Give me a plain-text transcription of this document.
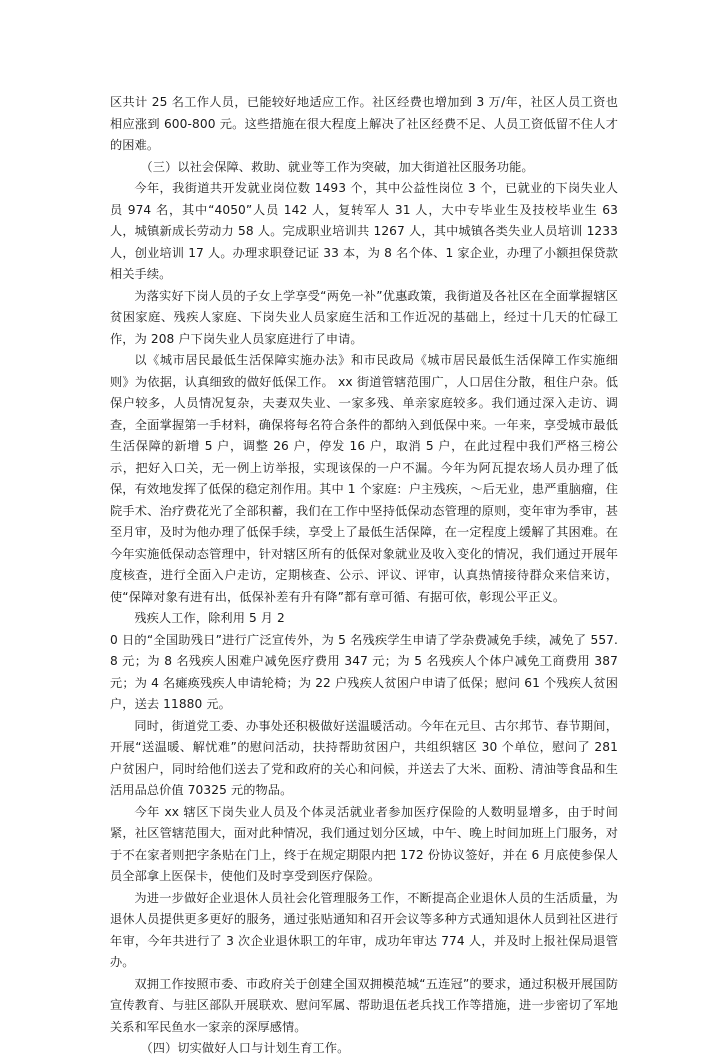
区共计 25 名工作人员，已能较好地适应工作。社区经费也增加到 3 万/年，社区人员工资也相应涨到 600-800 元。这些措施在很大程度上解决了社区经费不足、人员工资低留不住人才的困难。

（三）以社会保障、救助、就业等工作为突破，加大街道社区服务功能。

今年，我街道共开发就业岗位数 1493 个，其中公益性岗位 3 个，已就业的下岗失业人员 974 名，其中“4050”人员 142 人，复转军人 31 人，大中专毕业生及技校毕业生 63 人，城镇新成长劳动力 58 人。完成职业培训共 1267 人，其中城镇各类失业人员培训 1233 人，创业培训 17 人。办理求职登记证 33 本，为 8 名个体、1 家企业，办理了小额担保贷款相关手续。

为落实好下岗人员的子女上学享受“两免一补”优惠政策，我街道及各社区在全面掌握辖区贫困家庭、残疾人家庭、下岗失业人员家庭生活和工作近况的基础上，经过十几天的忙碌工作，为 208 户下岗失业人员家庭进行了申请。

以《城市居民最低生活保障实施办法》和市民政局《城市居民最低生活保障工作实施细则》为依据，认真细致的做好低保工作。 xx 街道管辖范围广，人口居住分散，租住户杂。低保户较多，人员情况复杂，夫妻双失业、一家多残、单亲家庭较多。我们通过深入走访、调查，全面掌握第一手材料，确保将每名符合条件的都纳入到低保中来。一年来，享受城市最低生活保障的新增 5 户，调整 26 户，停发 16 户，取消 5 户，在此过程中我们严格三榜公示，把好入口关，无一例上访举报，实现该保的一户不漏。今年为阿瓦提农场人员办理了低保，有效地发挥了低保的稳定剂作用。其中 1 个家庭：户主残疾，～后无业，患严重脑瘤，住院手术、治疗费花光了全部积蓄，我们在工作中坚持低保动态管理的原则，变年审为季审，甚至月审，及时为他办理了低保手续，享受上了最低生活保障，在一定程度上缓解了其困难。在今年实施低保动态管理中，针对辖区所有的低保对象就业及收入变化的情况，我们通过开展年度核查，进行全面入户走访，定期核查、公示、评议、评审，认真热情接待群众来信来访，使“保障对象有进有出，低保补差有升有降”都有章可循、有据可依，彰现公平正义。

残疾人工作，除利用 5 月 2

0 日的“全国助残日”进行广泛宣传外，为 5 名残疾学生申请了学杂费减免手续，减免了 557.8 元；为 8 名残疾人困难户减免医疗费用 347 元；为 5 名残疾人个体户减免工商费用 387 元；为 4 名瘫痪残疾人申请轮椅；为 22 户残疾人贫困户申请了低保；慰问 61 个残疾人贫困户，送去 11880 元。

同时，街道党工委、办事处还积极做好送温暖活动。今年在元旦、古尔邦节、春节期间，开展“送温暖、解忧难”的慰问活动，扶持帮助贫困户，共组织辖区 30 个单位，慰问了 281 户贫困户，同时给他们送去了党和政府的关心和问候，并送去了大米、面粉、清油等食品和生活用品总价值 70325 元的物品。

今年 xx 辖区下岗失业人员及个体灵活就业者参加医疗保险的人数明显增多，由于时间紧，社区管辖范围大，面对此种情况，我们通过划分区域，中午、晚上时间加班上门服务，对于不在家者则把字条贴在门上，终于在规定期限内把 172 份协议签好，并在 6 月底使参保人员全部拿上医保卡，使他们及时享受到医疗保险。

为进一步做好企业退休人员社会化管理服务工作，不断提高企业退休人员的生活质量，为退休人员提供更多更好的服务，通过张贴通知和召开会议等多种方式通知退休人员到社区进行年审，今年共进行了 3 次企业退休职工的年审，成功年审达 774 人，并及时上报社保局退管办。

双拥工作按照市委、市政府关于创建全国双拥模范城“五连冠”的要求，通过积极开展国防宣传教育、与驻区部队开展联欢、慰问军属、帮助退伍老兵找工作等措施，进一步密切了军地关系和军民鱼水一家亲的深厚感情。

（四）切实做好人口与计划生育工作。
